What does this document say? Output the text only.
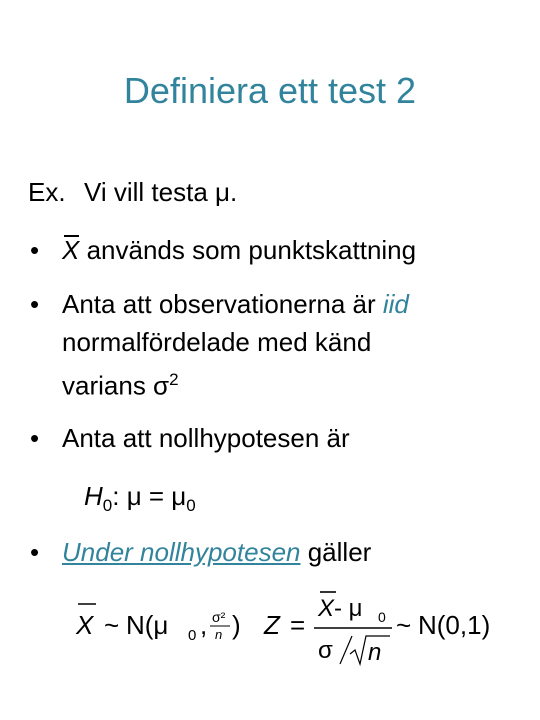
Definiera ett test 2
Ex. Vi vill testa μ.
• X används som punktskattning
• Anta att observationerna är iid
normalfördelade med känd
varians $\sigma^2$
• Anta att nollhypotesen är
$H_0$: $\mu = \mu_0$
• Under nollhypotesen gäller
X ~ N(μ 0 , σ²
n ) Z =
X - μ 0
σ n
~ N(0,1)
